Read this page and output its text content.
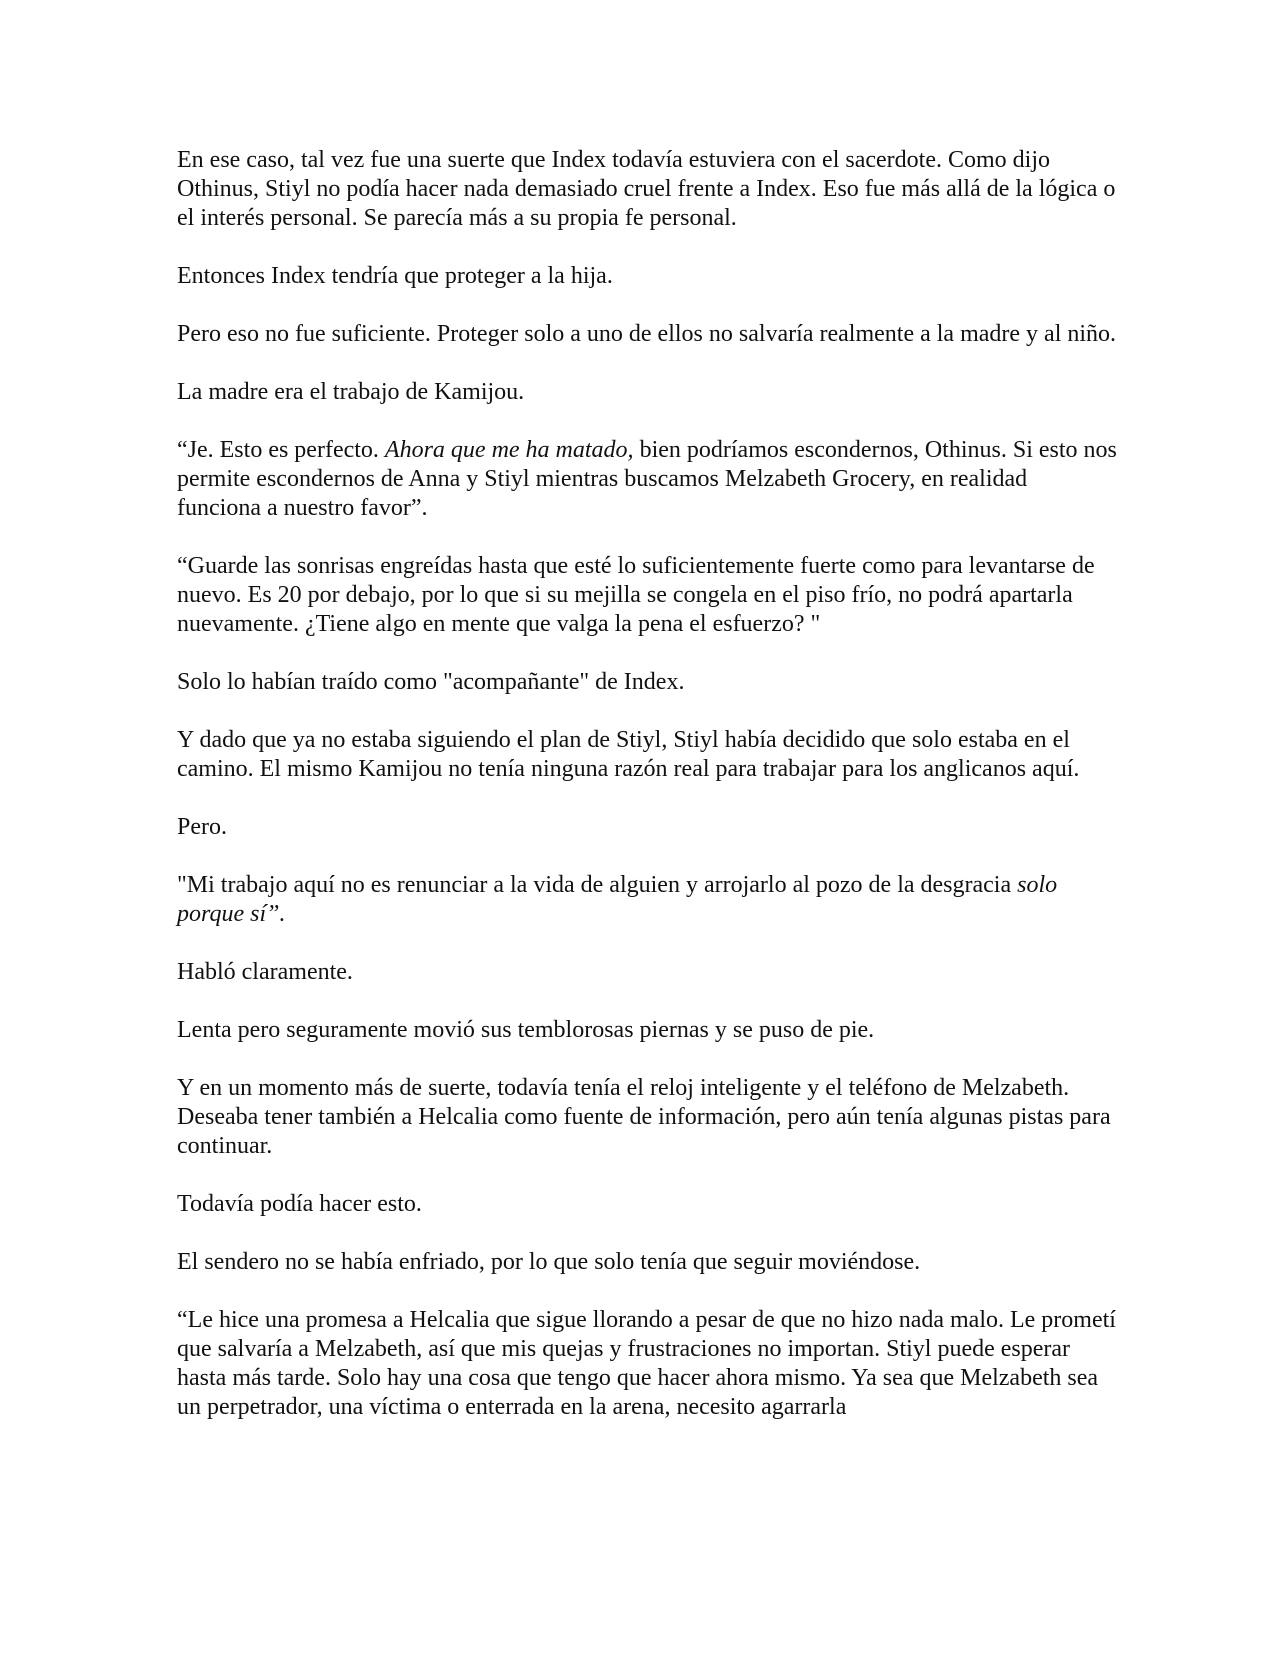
En ese caso, tal vez fue una suerte que Index todavía estuviera con el sacerdote. Como dijo Othinus, Stiyl no podía hacer nada demasiado cruel frente a Index. Eso fue más allá de la lógica o el interés personal. Se parecía más a su propia fe personal.

Entonces Index tendría que proteger a la hija.

Pero eso no fue suficiente. Proteger solo a uno de ellos no salvaría realmente a la madre y al niño.

La madre era el trabajo de Kamijou.

“Je. Esto es perfecto. Ahora que me ha matado, bien podríamos escondernos, Othinus. Si esto nos permite escondernos de Anna y Stiyl mientras buscamos Melzabeth Grocery, en realidad funciona a nuestro favor”.

“Guarde las sonrisas engreídas hasta que esté lo suficientemente fuerte como para levantarse de nuevo. Es 20 por debajo, por lo que si su mejilla se congela en el piso frío, no podrá apartarla nuevamente. ¿Tiene algo en mente que valga la pena el esfuerzo? "

Solo lo habían traído como "acompañante" de Index.

Y dado que ya no estaba siguiendo el plan de Stiyl, Stiyl había decidido que solo estaba en el camino. El mismo Kamijou no tenía ninguna razón real para trabajar para los anglicanos aquí.

Pero.

"Mi trabajo aquí no es renunciar a la vida de alguien y arrojarlo al pozo de la desgracia solo porque sí”.

Habló claramente.

Lenta pero seguramente movió sus temblorosas piernas y se puso de pie.

Y en un momento más de suerte, todavía tenía el reloj inteligente y el teléfono de Melzabeth. Deseaba tener también a Helcalia como fuente de información, pero aún tenía algunas pistas para continuar.

Todavía podía hacer esto.

El sendero no se había enfriado, por lo que solo tenía que seguir moviéndose.

“Le hice una promesa a Helcalia que sigue llorando a pesar de que no hizo nada malo. Le prometí que salvaría a Melzabeth, así que mis quejas y frustraciones no importan. Stiyl puede esperar hasta más tarde. Solo hay una cosa que tengo que hacer ahora mismo. Ya sea que Melzabeth sea un perpetrador, una víctima o enterrada en la arena, necesito agarrarla
